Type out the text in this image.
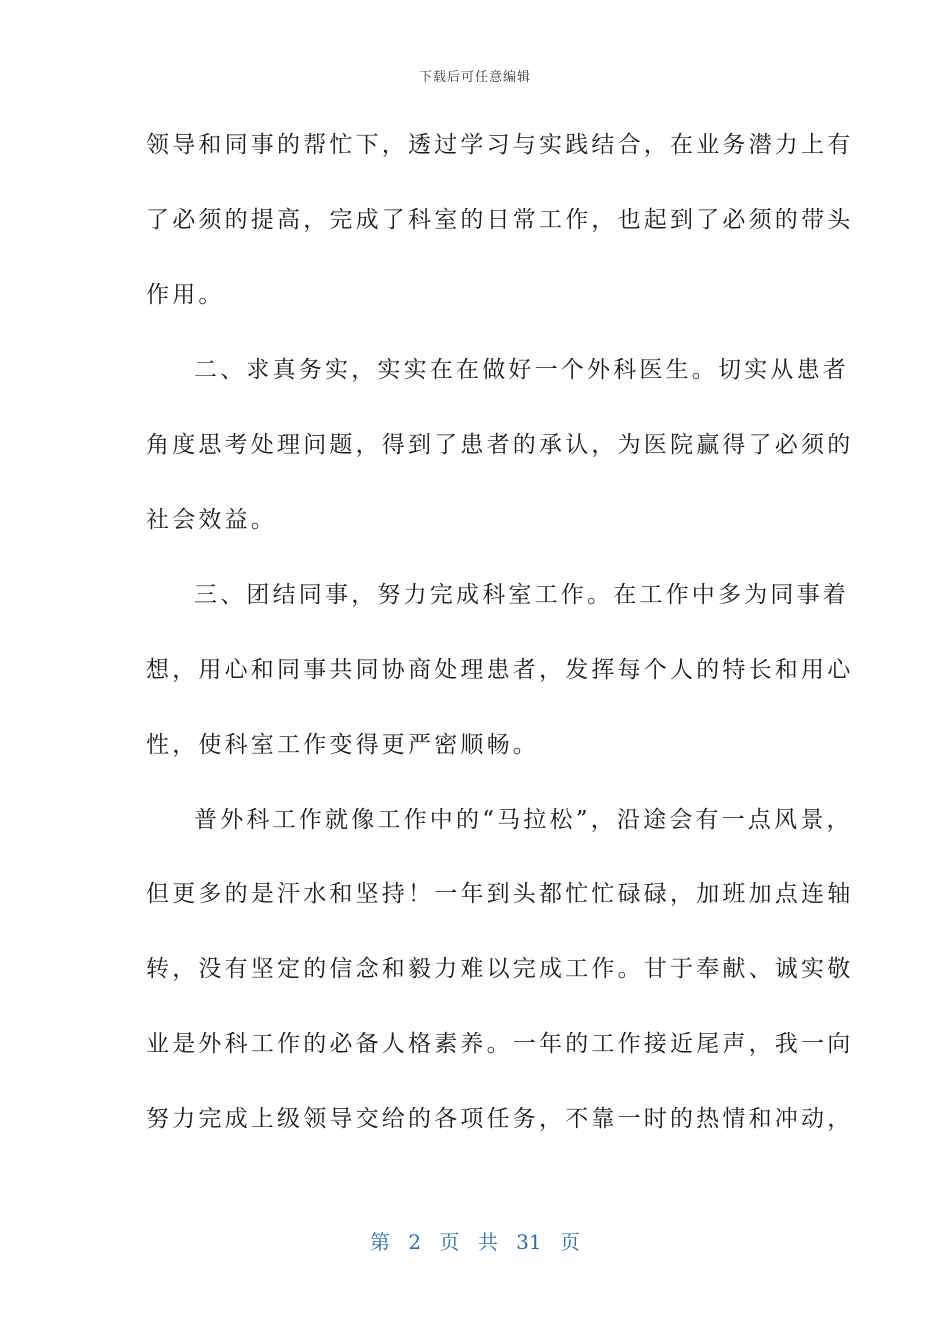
下载后可任意编辑
领导和同事的帮忙下，透过学习与实践结合，在业务潜力上有
了必须的提高，完成了科室的日常工作，也起到了必须的带头
作用。
二、求真务实，实实在在做好一个外科医生。切实从患者
角度思考处理问题，得到了患者的承认，为医院赢得了必须的
社会效益。
三、团结同事，努力完成科室工作。在工作中多为同事着
想，用心和同事共同协商处理患者，发挥每个人的特长和用心
性，使科室工作变得更严密顺畅。
普外科工作就像工作中的“马拉松”，沿途会有一点风景，
但更多的是汗水和坚持！一年到头都忙忙碌碌，加班加点连轴
转，没有坚定的信念和毅力难以完成工作。甘于奉献、诚实敬
业是外科工作的必备人格素养。一年的工作接近尾声，我一向
努力完成上级领导交给的各项任务，不靠一时的热情和冲动，
第 2 页 共 31 页
